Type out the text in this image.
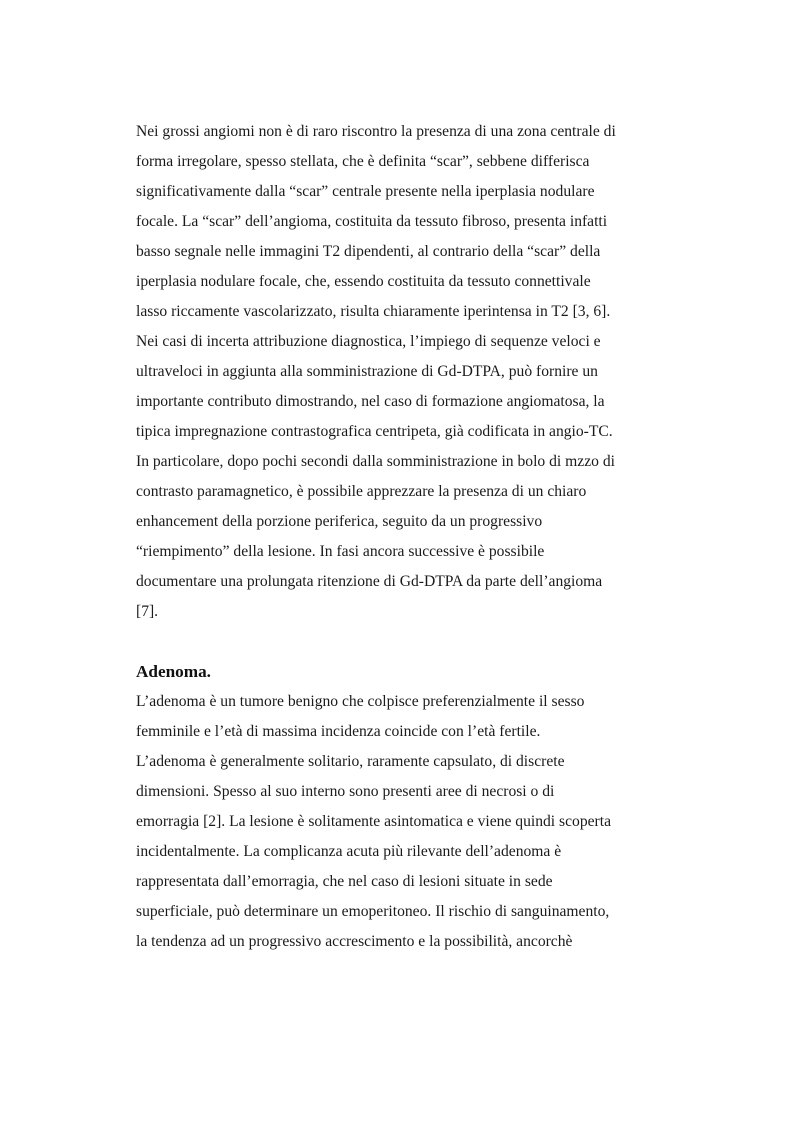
Nei grossi angiomi non è di raro riscontro la presenza di una zona centrale di
forma irregolare, spesso stellata, che è definita “scar”, sebbene differisca
significativamente dalla “scar” centrale presente nella iperplasia nodulare
focale. La “scar” dell’angioma, costituita da tessuto fibroso, presenta infatti
basso segnale nelle immagini T2 dipendenti, al contrario della “scar” della
iperplasia nodulare focale, che, essendo costituita da tessuto connettivale
lasso riccamente vascolarizzato, risulta chiaramente iperintensa in T2 [3, 6].
Nei casi di incerta attribuzione diagnostica, l’impiego di sequenze veloci e
ultraveloci in aggiunta alla somministrazione di Gd-DTPA, può fornire un
importante contributo dimostrando, nel caso di formazione angiomatosa, la
tipica impregnazione contrastografica centripeta, già codificata in angio-TC.
In particolare, dopo pochi secondi dalla somministrazione in bolo di mzzo di
contrasto paramagnetico, è possibile apprezzare la presenza di un chiaro
enhancement della porzione periferica, seguito da un progressivo
“riempimento” della lesione. In fasi ancora successive è possibile
documentare una prolungata ritenzione di Gd-DTPA da parte dell’angioma
[7].
Adenoma.
L’adenoma è un tumore benigno che colpisce preferenzialmente il sesso
femminile e l’età di massima incidenza coincide con l’età fertile.
L’adenoma è generalmente solitario, raramente capsulato, di discrete
dimensioni. Spesso al suo interno sono presenti aree di necrosi o di
emorragia [2]. La lesione è solitamente asintomatica e viene quindi scoperta
incidentalmente. La complicanza acuta più rilevante dell’adenoma è
rappresentata dall’emorragia, che nel caso di lesioni situate in sede
superficiale, può determinare un emoperitoneo. Il rischio di sanguinamento,
la tendenza ad un progressivo accrescimento e la possibilità, ancorchè
